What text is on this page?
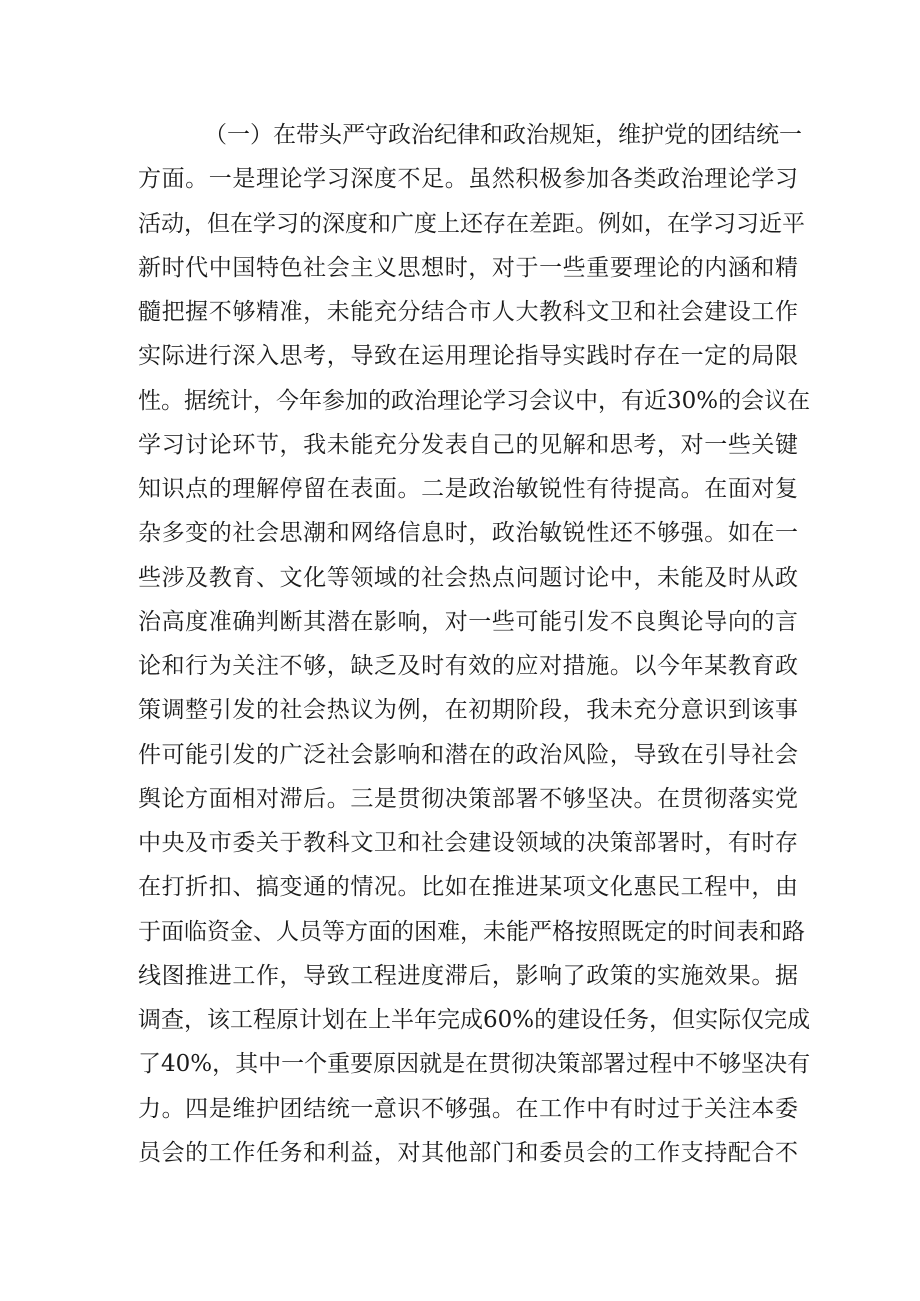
（一）在带头严守政治纪律和政治规矩，维护党的团结统一
方面。一是理论学习深度不足。虽然积极参加各类政治理论学习
活动，但在学习的深度和广度上还存在差距。例如，在学习习近平
新时代中国特色社会主义思想时，对于一些重要理论的内涵和精
髓把握不够精准，未能充分结合市人大教科文卫和社会建设工作
实际进行深入思考，导致在运用理论指导实践时存在一定的局限
性。据统计，今年参加的政治理论学习会议中，有近30%的会议在
学习讨论环节，我未能充分发表自己的见解和思考，对一些关键
知识点的理解停留在表面。二是政治敏锐性有待提高。在面对复
杂多变的社会思潮和网络信息时，政治敏锐性还不够强。如在一
些涉及教育、文化等领域的社会热点问题讨论中，未能及时从政
治高度准确判断其潜在影响，对一些可能引发不良舆论导向的言
论和行为关注不够，缺乏及时有效的应对措施。以今年某教育政
策调整引发的社会热议为例，在初期阶段，我未充分意识到该事
件可能引发的广泛社会影响和潜在的政治风险，导致在引导社会
舆论方面相对滞后。三是贯彻决策部署不够坚决。在贯彻落实党
中央及市委关于教科文卫和社会建设领域的决策部署时，有时存
在打折扣、搞变通的情况。比如在推进某项文化惠民工程中，由
于面临资金、人员等方面的困难，未能严格按照既定的时间表和路
线图推进工作，导致工程进度滞后，影响了政策的实施效果。据
调查，该工程原计划在上半年完成60%的建设任务，但实际仅完成
了40%，其中一个重要原因就是在贯彻决策部署过程中不够坚决有
力。四是维护团结统一意识不够强。在工作中有时过于关注本委
员会的工作任务和利益，对其他部门和委员会的工作支持配合不
